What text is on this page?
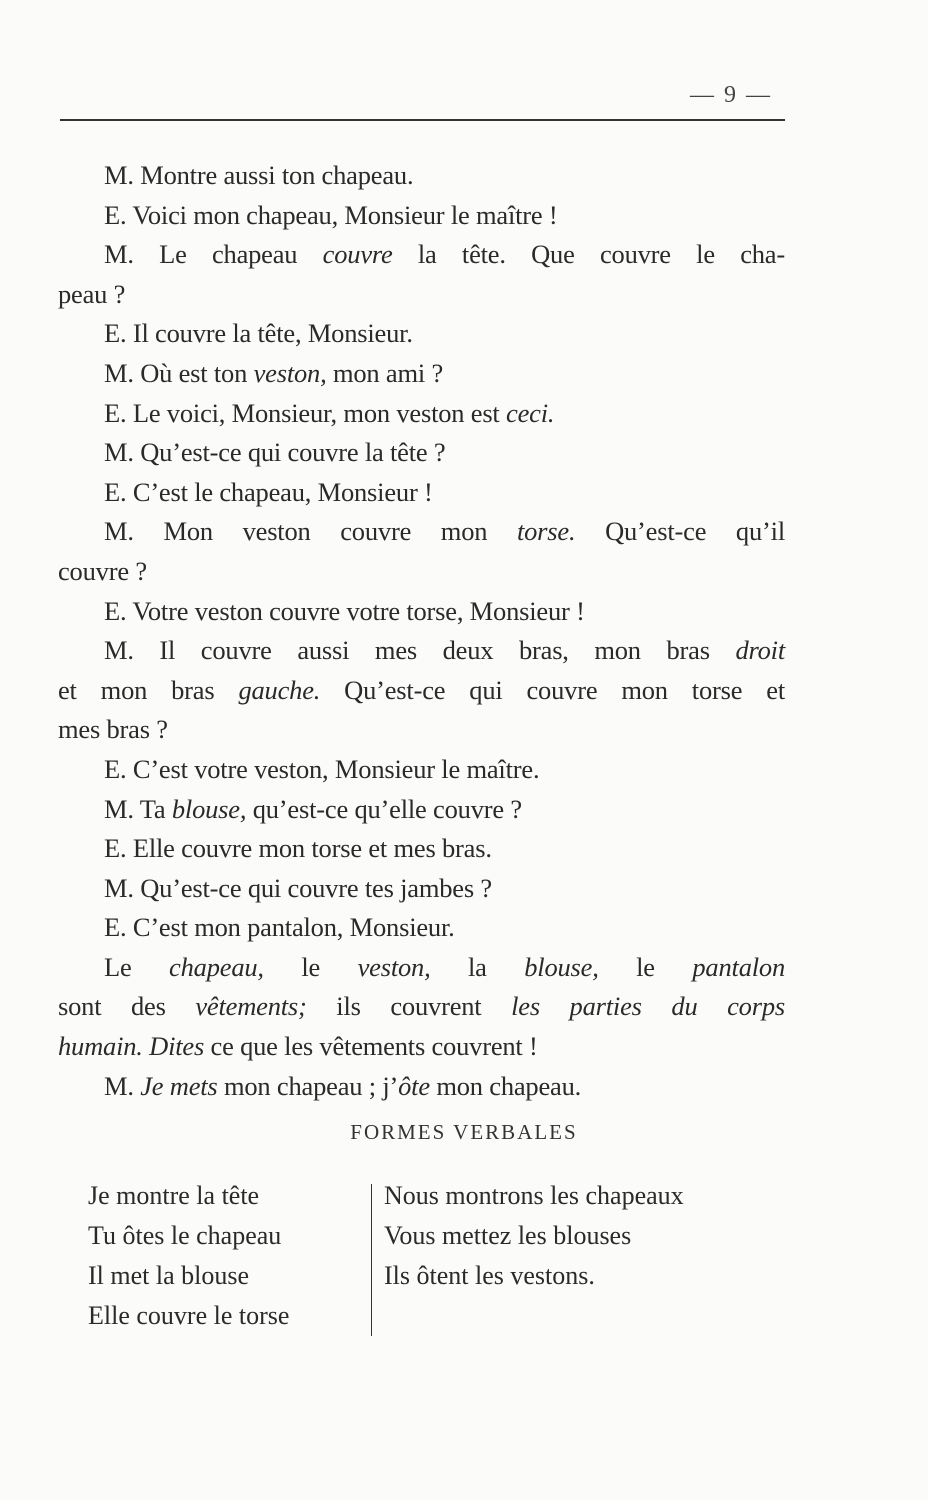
— 9 —
M. Montre aussi ton chapeau.
E. Voici mon chapeau, Monsieur le maître !
M. Le chapeau couvre la tête. Que couvre le cha-
peau ?
E. Il couvre la tête, Monsieur.
M. Où est ton veston, mon ami ?
E. Le voici, Monsieur, mon veston est ceci.
M. Qu’est-ce qui couvre la tête ?
E. C’est le chapeau, Monsieur !
M. Mon veston couvre mon torse. Qu’est-ce qu’il
couvre ?
E. Votre veston couvre votre torse, Monsieur !
M. Il couvre aussi mes deux bras, mon bras droit
et mon bras gauche. Qu’est-ce qui couvre mon torse et
mes bras ?
E. C’est votre veston, Monsieur le maître.
M. Ta blouse, qu’est-ce qu’elle couvre ?
E. Elle couvre mon torse et mes bras.
M. Qu’est-ce qui couvre tes jambes ?
E. C’est mon pantalon, Monsieur.
Le chapeau, le veston, la blouse, le pantalon
sont des vêtements; ils couvrent les parties du corps
humain. Dites ce que les vêtements couvrent !
M. Je mets mon chapeau ; j’ôte mon chapeau.
FORMES VERBALES
Je montre la tête
Tu ôtes le chapeau
Il met la blouse
Elle couvre le torse
Nous montrons les chapeaux
Vous mettez les blouses
Ils ôtent les vestons.
